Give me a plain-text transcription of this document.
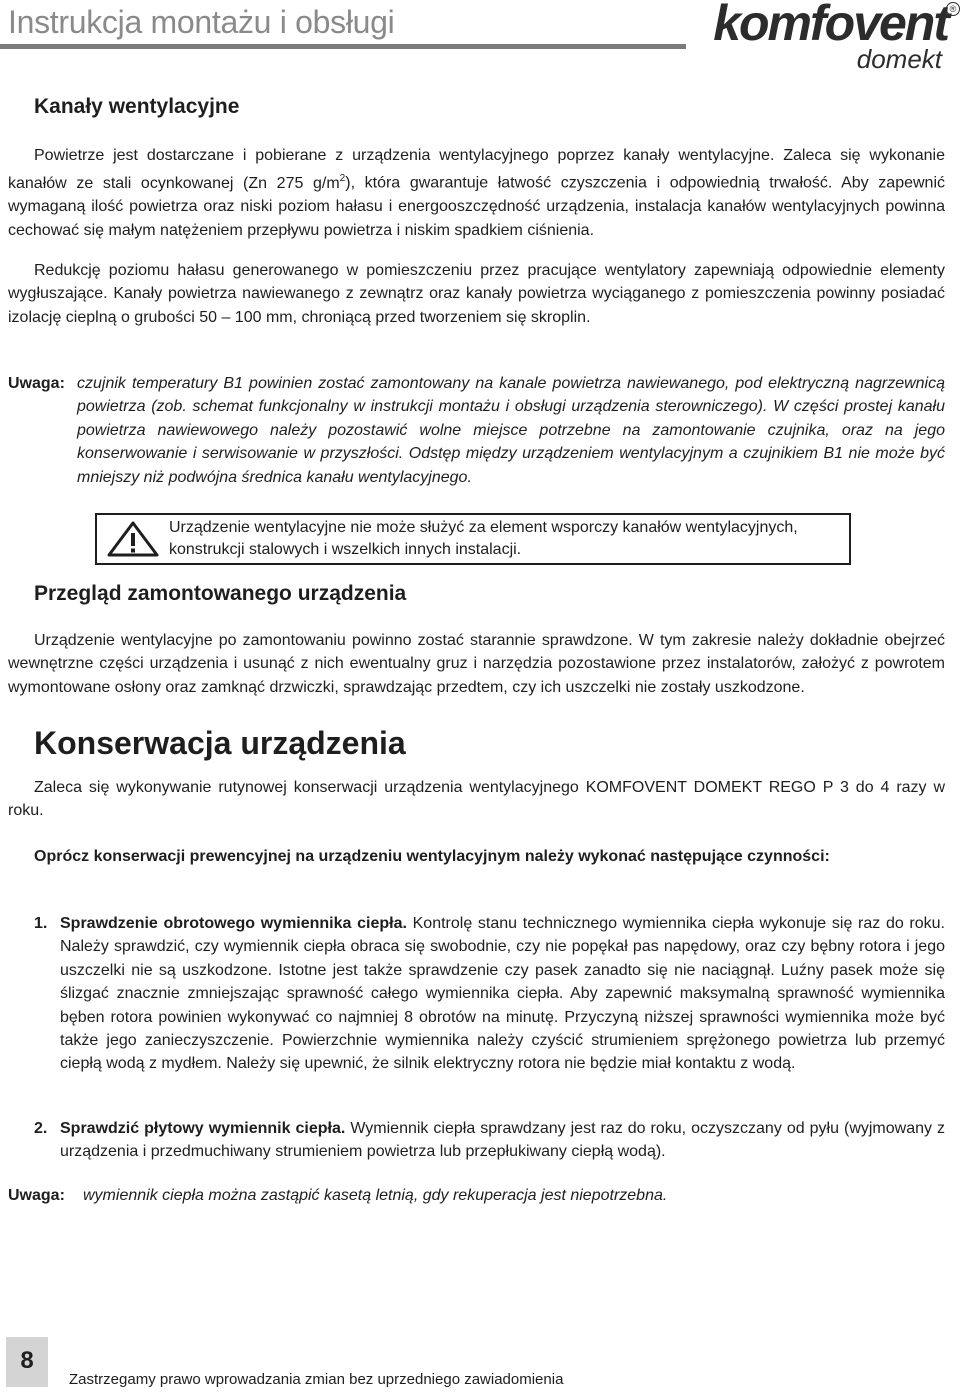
Instrukcja montażu i obsługi	komfovent ®
domekt
Kanały wentylacyjne

Powietrze jest dostarczane i pobierane z urządzenia wentylacyjnego poprzez kanały wentylacyjne. Zaleca się wykonanie kanałów ze stali ocynkowanej (Zn 275 $g/m^2$), która gwarantuje łatwość czyszczenia i odpowiednią trwałość. Aby zapewnić wymaganą ilość powietrza oraz niski poziom hałasu i energooszczędność urządzenia, instalacja kanałów wentylacyjnych powinna cechować się małym natężeniem przepływu powietrza i niskim spadkiem ciśnienia.

Redukcję poziomu hałasu generowanego w pomieszczeniu przez pracujące wentylatory zapewniają odpowiednie elementy wygłuszające. Kanały powietrza nawiewanego z zewnątrz oraz kanały powietrza wyciąganego z pomieszczenia powinny posiadać izolację cieplną o grubości 50 – 100 mm, chroniącą przed tworzeniem się skroplin.

Uwaga: czujnik temperatury B1 powinien zostać zamontowany na kanale powietrza nawiewanego, pod elektryczną nagrzewnicą powietrza (zob. schemat funkcjonalny w instrukcji montażu i obsługi urządzenia sterowniczego). W części prostej kanału powietrza nawiewowego należy pozostawić wolne miejsce potrzebne na zamontowanie czujnika, oraz na jego konserwowanie i serwisowanie w przyszłości. Odstęp między urządzeniem wentylacyjnym a czujnikiem B1 nie może być mniejszy niż podwójna średnica kanału wentylacyjnego.
Urządzenie wentylacyjne nie może służyć za element wsporczy kanałów wentylacyjnych, konstrukcji stalowych i wszelkich innych instalacji.
Przegląd zamontowanego urządzenia

Urządzenie wentylacyjne po zamontowaniu powinno zostać starannie sprawdzone. W tym zakresie należy dokładnie obejrzeć wewnętrzne części urządzenia i usunąć z nich ewentualny gruz i narzędzia pozostawione przez instalatorów, założyć z powrotem wymontowane osłony oraz zamknąć drzwiczki, sprawdzając przedtem, czy ich uszczelki nie zostały uszkodzone.

Konserwacja urządzenia

Zaleca się wykonywanie rutynowej konserwacji urządzenia wentylacyjnego KOMFOVENT DOMEKT REGO P 3 do 4 razy w roku.

Oprócz konserwacji prewencyjnej na urządzeniu wentylacyjnym należy wykonać następujące czynności:

1. Sprawdzenie obrotowego wymiennika ciepła. Kontrolę stanu technicznego wymiennika ciepła wykonuje się raz do roku. Należy sprawdzić, czy wymiennik ciepła obraca się swobodnie, czy nie popękał pas napędowy, oraz czy bębny rotora i jego uszczelki nie są uszkodzone. Istotne jest także sprawdzenie czy pasek zanadto się nie naciągnął. Luźny pasek może się ślizgać znacznie zmniejszając sprawność całego wymiennika ciepła. Aby zapewnić maksymalną sprawność wymiennika bęben rotora powinien wykonywać co najmniej 8 obrotów na minutę. Przyczyną niższej sprawności wymiennika może być także jego zanieczyszczenie. Powierzchnie wymiennika należy czyścić strumieniem sprężonego powietrza lub przemyć ciepłą wodą z mydłem. Należy się upewnić, że silnik elektryczny rotora nie będzie miał kontaktu z wodą.
2. Sprawdzić płytowy wymiennik ciepła. Wymiennik ciepła sprawdzany jest raz do roku, oczyszczany od pyłu (wyjmowany z urządzenia i przedmuchiwany strumieniem powietrza lub przepłukiwany ciepłą wodą).
Uwaga:	wymiennik ciepła można zastąpić kasetą letnią, gdy rekuperacja jest niepotrzebna.
8
Zastrzegamy prawo wprowadzania zmian bez uprzedniego zawiadomienia
